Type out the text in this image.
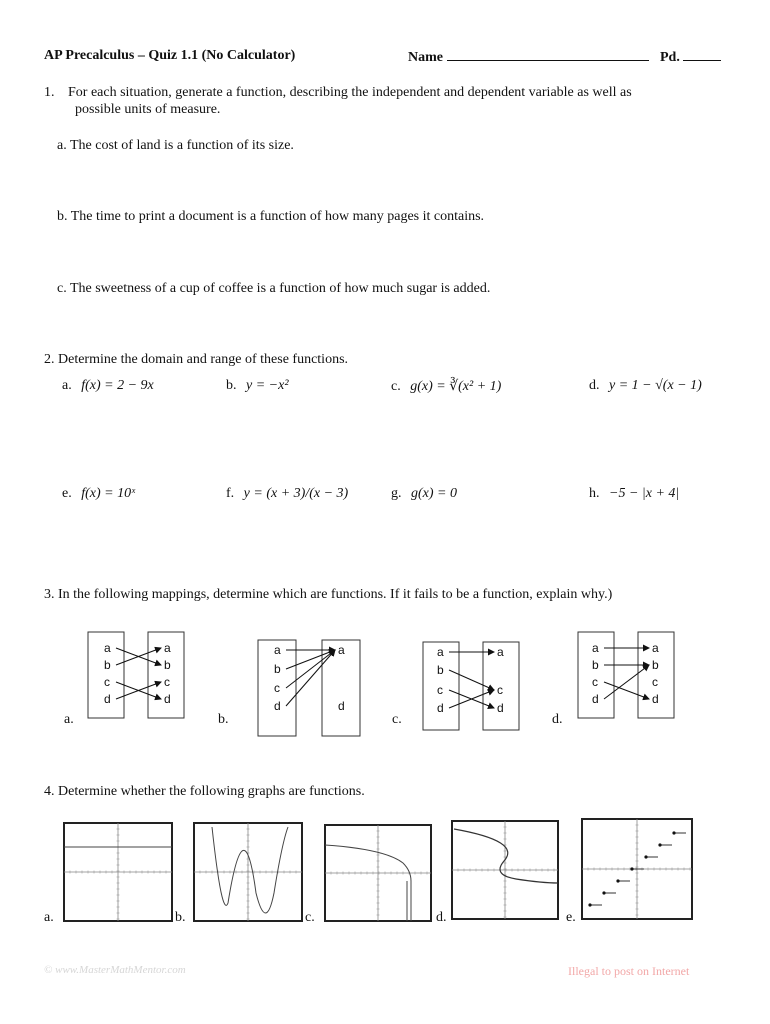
AP Precalculus – Quiz 1.1 (No Calculator)	Name	Pd.
1. For each situation, generate a function, describing the independent and dependent variable as well as
possible units of measure.
a. The cost of land is a function of its size.
b. The time to print a document is a function of how many pages it contains.
c. The sweetness of a cup of coffee is a function of how much sugar is added.
2. Determine the domain and range of these functions.
a. f(x) = 2 − 9x	b. y = −x²	c. g(x) = ∛(x² + 1)	d. y = 1 − √(x − 1)
e. f(x) = 10ˣ	f. y = (x + 3)/(x − 3)	g. g(x) = 0	h. −5 − |x + 4|
3. In the following mappings, determine which are functions. If it fails to be a function, explain why.)
a
b
c
d
a
b
c
d
a
b
c
d
a
d
a
b
c
d
a
c
d
a
b
c
d
a
b
c
d
a.	b.	c.	d.
4. Determine whether the following graphs are functions.
a.	b.	c.	d.	e.
© www.MasterMathMentor.com	Illegal to post on Internet
